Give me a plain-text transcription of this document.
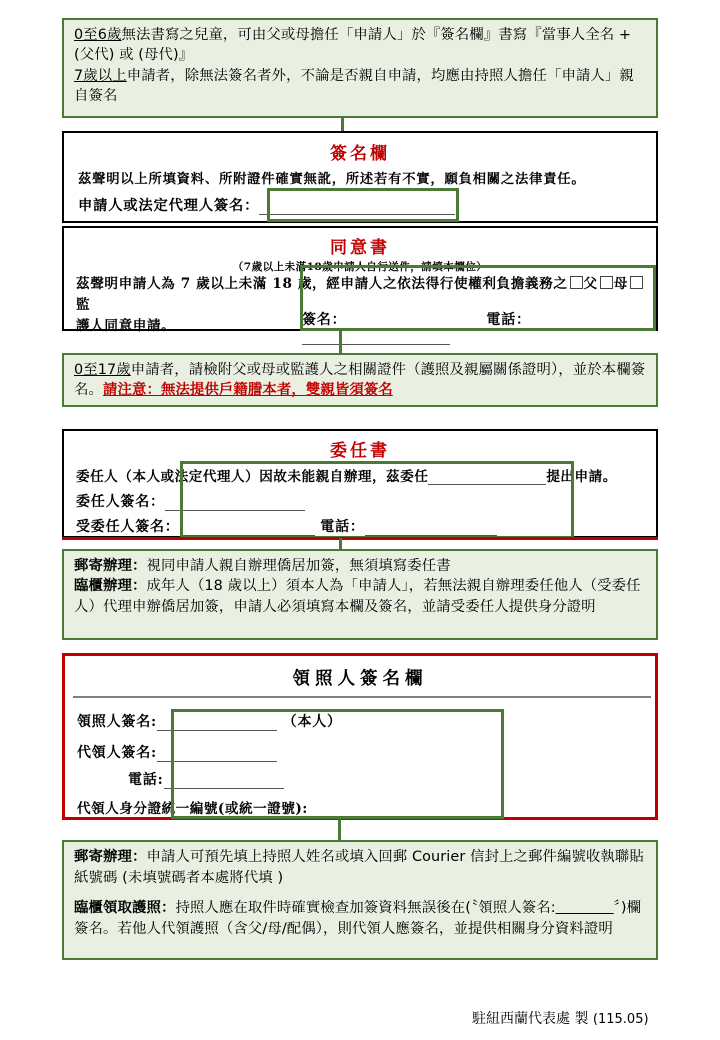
0至6歲無法書寫之兒童，可由父或母擔任「申請人」於『簽名欄』書寫『當事人全名 + (父代) 或 (母代)』

7歲以上申請者，除無法簽名者外，不論是否親自申請，均應由持照人擔任「申請人」親自簽名

簽名欄
茲聲明以上所填資料、所附證件確實無訛，所述若有不實，願負相關之法律責任。
申請人或法定代理人簽名：
同意書
（7歲以上未滿18歲申請人自行送件，請填本欄位）
茲聲明申請人為 7 歲以上未滿 18 歲，經申請人之依法得行使權利負擔義務之 父 母監
護人同意申請。	簽名：	電話：

0至17歲申請者，請檢附父或母或監護人之相關證件（護照及親屬關係證明），並於本欄簽名。請注意：無法提供戶籍謄本者，雙親皆須簽名

委任書
委任人（本人或法定代理人）因故未能親自辦理，茲委任	提出申請。
委任人簽名：
受委任人簽名：	電話：

郵寄辦理：視同申請人親自辦理僑居加簽，無須填寫委任書

臨櫃辦理：成年人（18 歲以上）須本人為「申請人」，若無法親自辦理委任他人（受委任人）代理申辦僑居加簽，申請人必須填寫本欄及簽名，並請受委任人提供身分證明

領照人簽名欄
領照人簽名:	（本人）
代領人簽名:
電話:
代領人身分證統一編號(或統一證號):

郵寄辦理：申請人可預先填上持照人姓名或填入回郵 Courier 信封上之郵件編號收執聯貼紙號碼 (未填號碼者本處將代填 )

臨櫃領取護照：持照人應在取件時確實檢查加簽資料無誤後在(〝領照人簽名:＿＿＿＿〞)欄簽名。若他人代領護照（含父/母/配偶），則代領人應簽名，並提供相關身分資料證明

駐紐西蘭代表處 製 (115.05)
